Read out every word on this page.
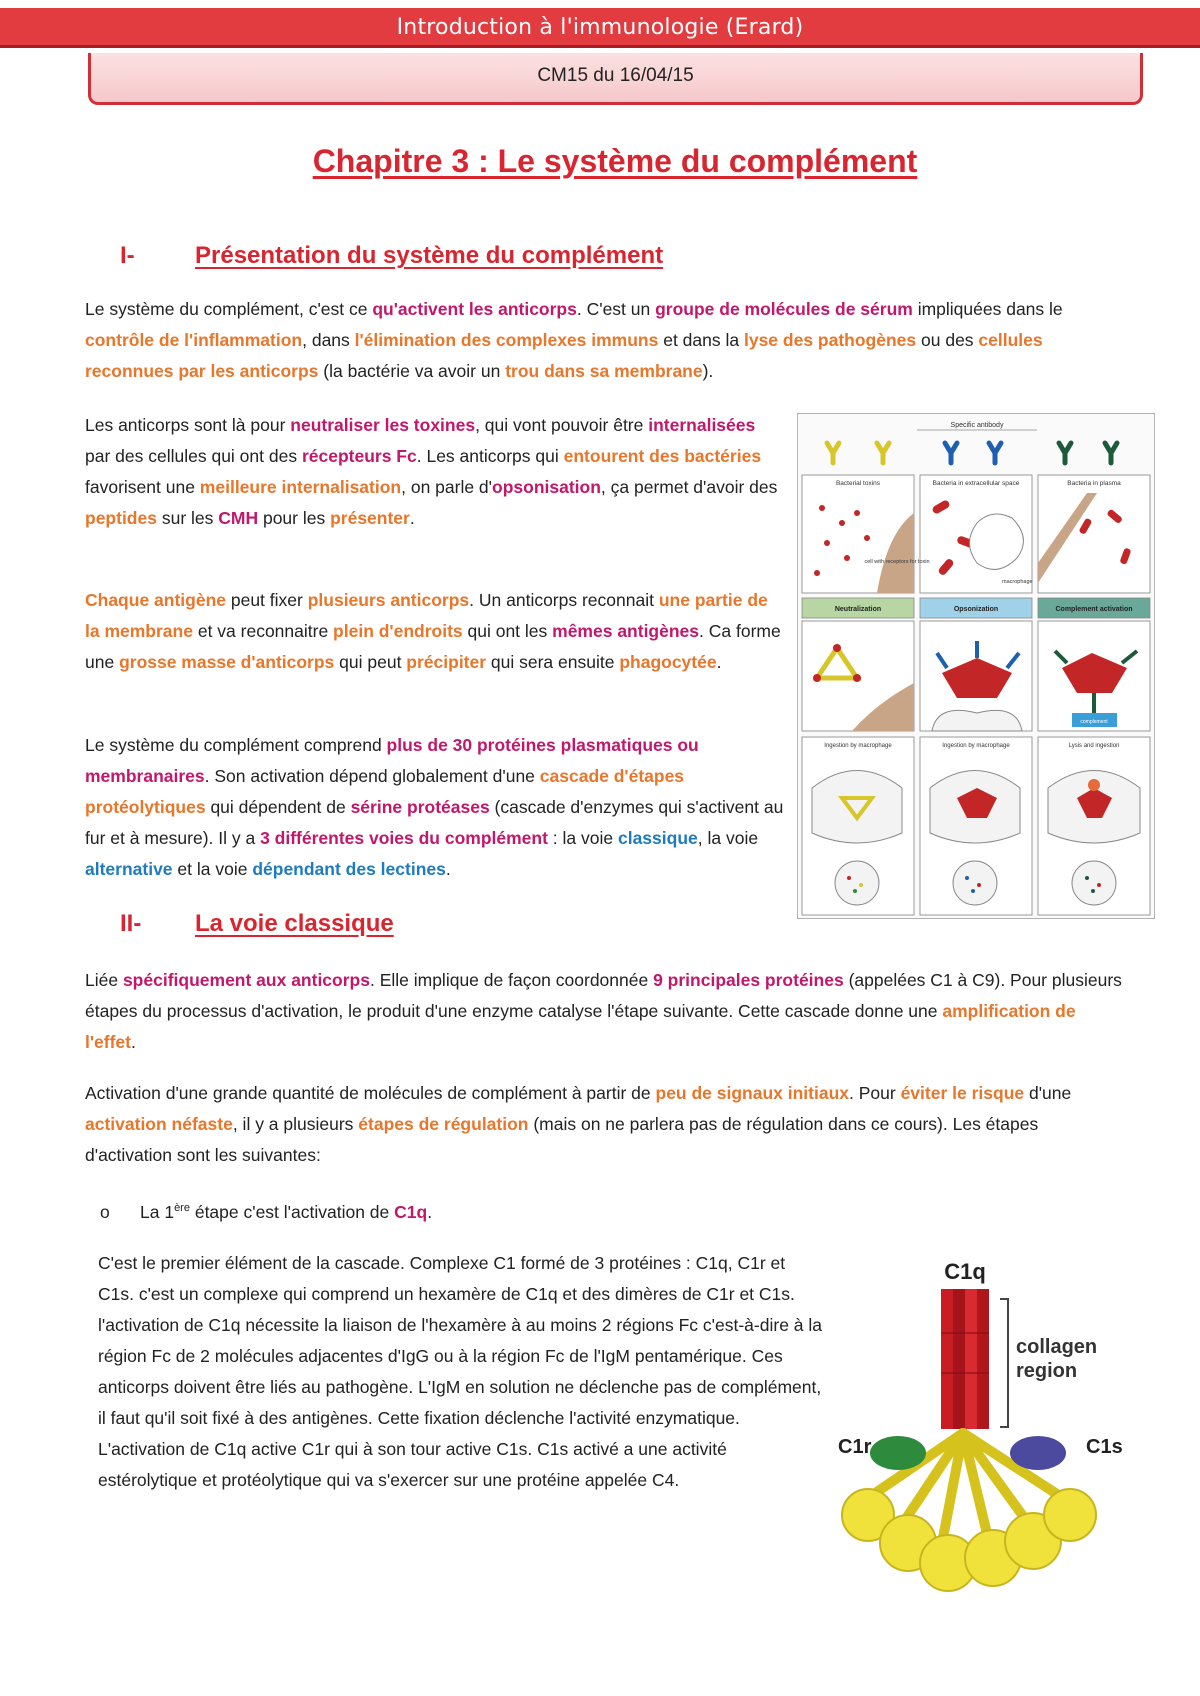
Introduction à l'immunologie (Erard)
CM15 du 16/04/15
Chapitre 3 : Le système du complément
I-	Présentation du système du complément

Le système du complément, c'est ce qu'activent les anticorps. C'est un groupe de molécules de sérum impliquées dans le contrôle de l'inflammation, dans l'élimination des complexes immuns et dans la lyse des pathogènes ou des cellules reconnues par les anticorps (la bactérie va avoir un trou dans sa membrane).

Les anticorps sont là pour neutraliser les toxines, qui vont pouvoir être internalisées par des cellules qui ont des récepteurs Fc. Les anticorps qui entourent des bactéries favorisent une meilleure internalisation, on parle d'opsonisation, ça permet d'avoir des peptides sur les CMH pour les présenter.

Chaque antigène peut fixer plusieurs anticorps. Un anticorps reconnait une partie de la membrane et va reconnaitre plein d'endroits qui ont les mêmes antigènes. Ca forme une grosse masse d'anticorps qui peut précipiter qui sera ensuite phagocytée.

Le système du complément comprend plus de 30 protéines plasmatiques ou membranaires. Son activation dépend globalement d'une cascade d'étapes protéolytiques qui dépendent de sérine protéases (cascade d'enzymes qui s'activent au fur et à mesure). Il y a 3 différentes voies du complément : la voie classique, la voie alternative et la voie dépendant des lectines.

Specific antibody
Bacterial toxins	Bacteria in extracellular space	Bacteria in plasma
cell with receptors for toxin
macrophage
Neutralization	Opsonization	Complement activation
complement
Ingestion by macrophage	Ingestion by macrophage	Lysis and ingestion
II- La voie classique

Liée spécifiquement aux anticorps. Elle implique de façon coordonnée 9 principales protéines (appelées C1 à C9). Pour plusieurs étapes du processus d'activation, le produit d'une enzyme catalyse l'étape suivante. Cette cascade donne une amplification de l'effet.

Activation d'une grande quantité de molécules de complément à partir de peu de signaux initiaux. Pour éviter le risque d'une activation néfaste, il y a plusieurs étapes de régulation (mais on ne parlera pas de régulation dans ce cours). Les étapes d'activation sont les suivantes:

o La 1ère étape c'est l'activation de C1q.

C'est le premier élément de la cascade. Complexe C1 formé de 3 protéines : C1q, C1r et C1s. c'est un complexe qui comprend un hexamère de C1q et des dimères de C1r et C1s. l'activation de C1q nécessite la liaison de l'hexamère à au moins 2 régions Fc c'est-à-dire à la région Fc de 2 molécules adjacentes d'IgG ou à la région Fc de l'IgM pentamérique. Ces anticorps doivent être liés au pathogène. L'IgM en solution ne déclenche pas de complément, il faut qu'il soit fixé à des antigènes. Cette fixation déclenche l'activité enzymatique. L'activation de C1q active C1r qui à son tour active C1s. C1s activé a une activité estérolytique et protéolytique qui va s'exercer sur une protéine appelée C4.

C1q
collagen
region
C1r	C1s
